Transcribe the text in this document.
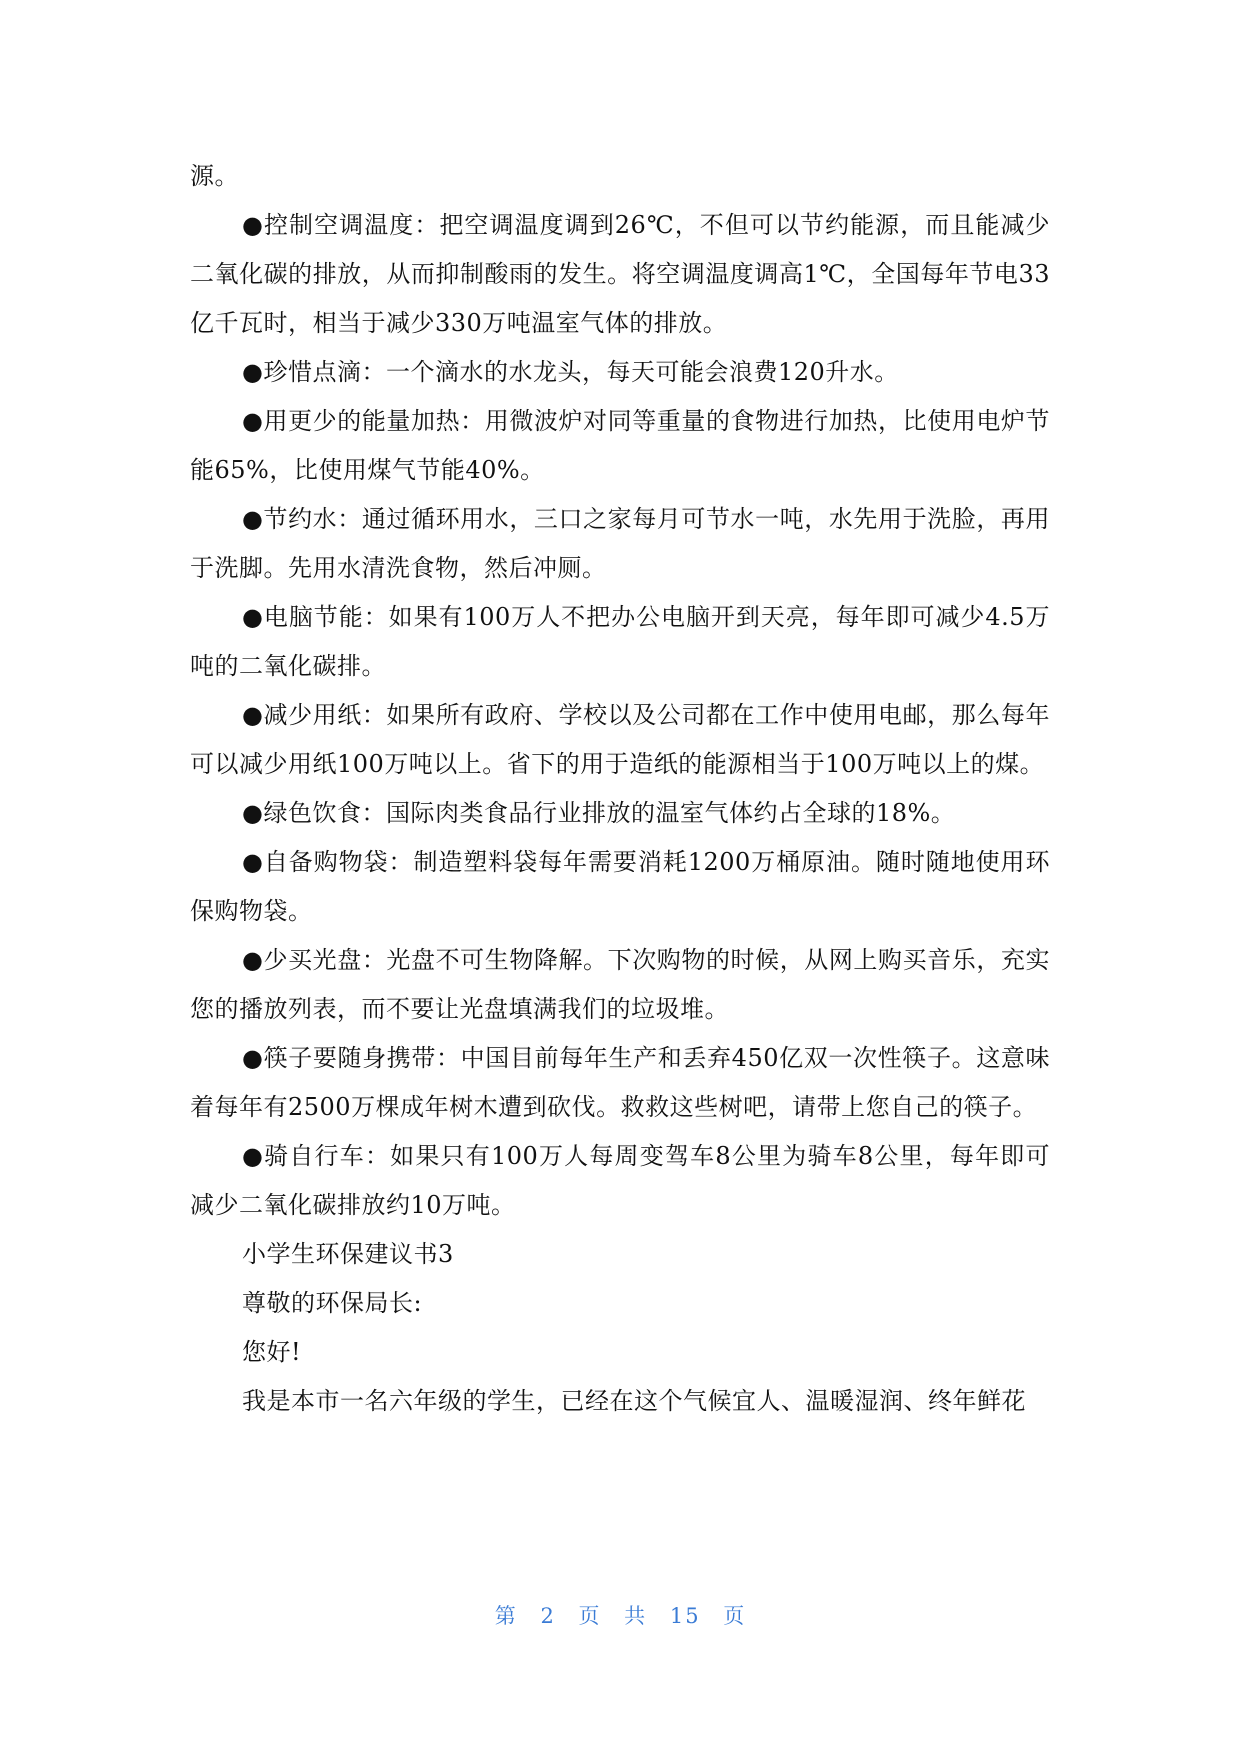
源。

●控制空调温度：把空调温度调到26℃，不但可以节约能源，而且能减少二氧化碳的排放，从而抑制酸雨的发生。将空调温度调高1℃，全国每年节电33亿千瓦时，相当于减少330万吨温室气体的排放。

●珍惜点滴：一个滴水的水龙头，每天可能会浪费120升水。

●用更少的能量加热：用微波炉对同等重量的食物进行加热，比使用电炉节能65%，比使用煤气节能40%。

●节约水：通过循环用水，三口之家每月可节水一吨，水先用于洗脸，再用于洗脚。先用水清洗食物，然后冲厕。

●电脑节能：如果有100万人不把办公电脑开到天亮，每年即可减少4.5万吨的二氧化碳排。

●减少用纸：如果所有政府、学校以及公司都在工作中使用电邮，那么每年可以减少用纸100万吨以上。省下的用于造纸的能源相当于100万吨以上的煤。

●绿色饮食：国际肉类食品行业排放的温室气体约占全球的18%。

●自备购物袋：制造塑料袋每年需要消耗1200万桶原油。随时随地使用环保购物袋。

●少买光盘：光盘不可生物降解。下次购物的时候，从网上购买音乐，充实您的播放列表，而不要让光盘填满我们的垃圾堆。

●筷子要随身携带：中国目前每年生产和丢弃450亿双一次性筷子。这意味着每年有2500万棵成年树木遭到砍伐。救救这些树吧，请带上您自己的筷子。

●骑自行车：如果只有100万人每周变驾车8公里为骑车8公里，每年即可减少二氧化碳排放约10万吨。

小学生环保建议书3

尊敬的环保局长:

您好!

我是本市一名六年级的学生，已经在这个气候宜人、温暖湿润、终年鲜花

第 2 页 共 15 页
